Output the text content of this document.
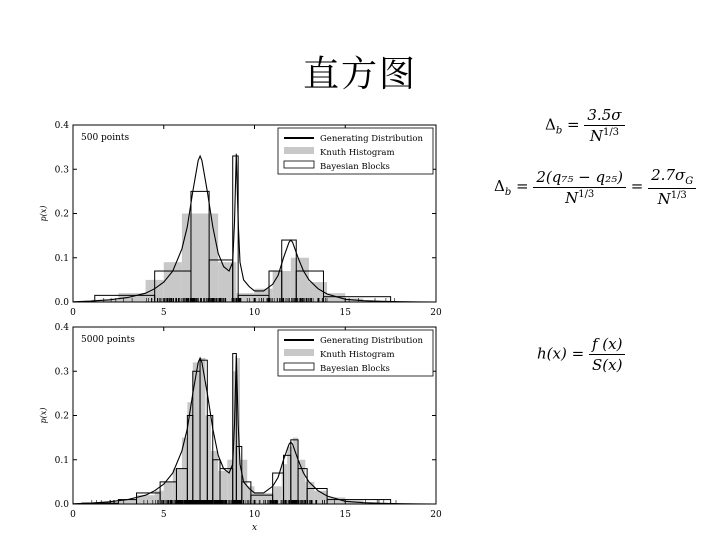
直方图
0	5	10	15	20
0.0
0.1
0.2
0.3
0.4
p(x)
500 points	Generating Distribution
Knuth Histogram
Bayesian Blocks
0	5	10	15	20
0.0
0.1
0.2
0.3
0.4
p(x)
x
5000 points	Generating Distribution
Knuth Histogram
Bayesian Blocks
$\Delta_b = \frac{3.5\sigma}{N^{1/3}}$
$\Delta_b = \frac{\text{2(q₇₅ − q₂₅)}}{N^{1/3}} = \frac{2.7\sigma_G}{N^{1/3}}$
$h(x) = \frac{f (x)}{S(x)}$
